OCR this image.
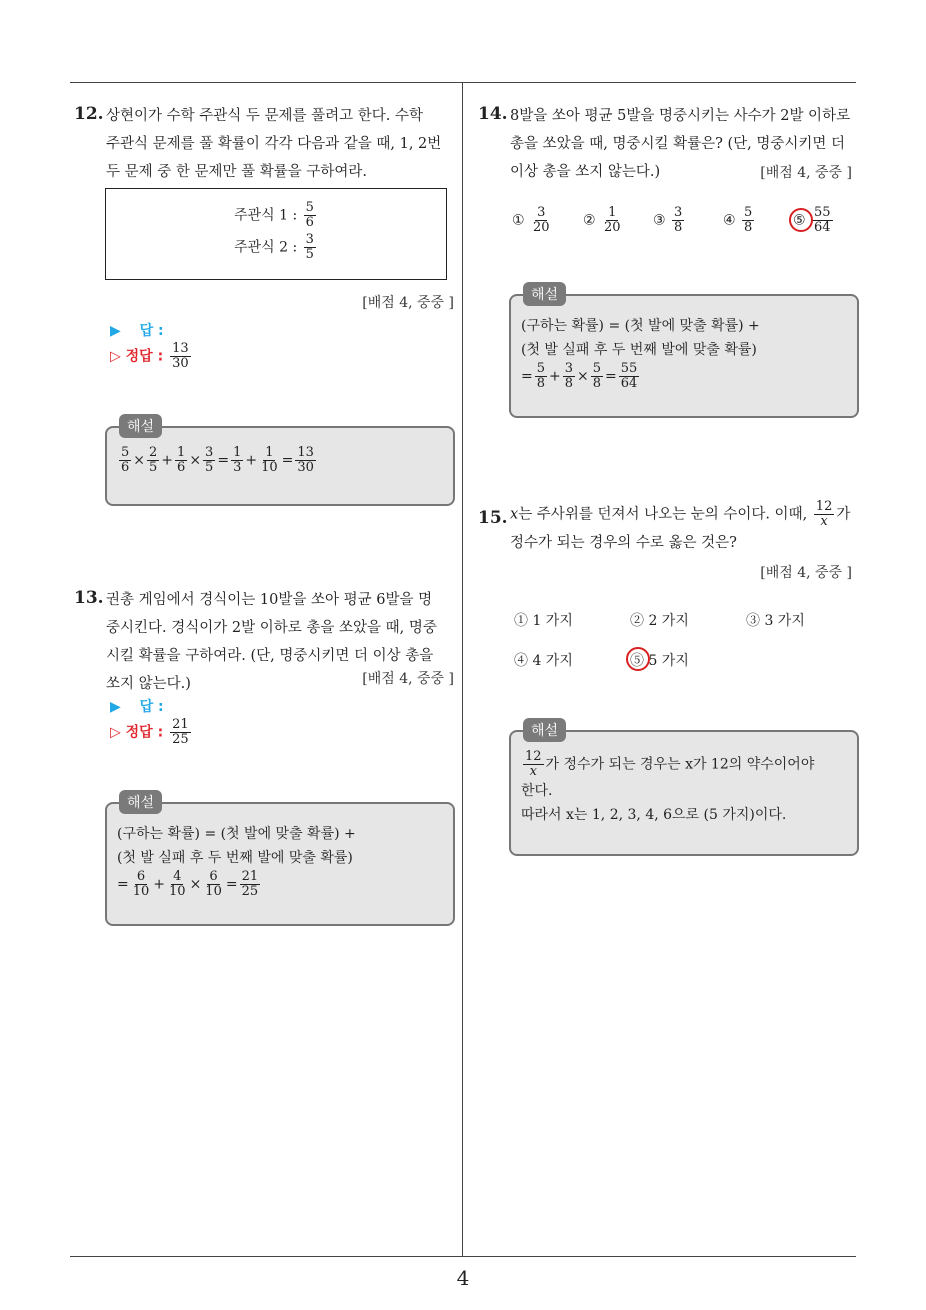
4
12. 상현이가 수학 주관식 두 문제를 풀려고 한다. 수학
주관식 문제를 풀 확률이 각각 다음과 같을 때, 1, 2번
두 문제 중 한 문제만 풀 확률을 구하여라.
주관식 1 : $\frac{5}{6}$
주관식 2 : $\frac{3}{5}$
[배점 4, 중중 ]
▶ 답 :
▷ 정답 : $\frac{13}{30}$
해설
$\frac{5}{6} \times \frac{2}{5} + \frac{1}{6} \times \frac{3}{5} = \frac{1}{3} + \frac{1}{10} = \frac{13}{30}$
13. 권총 게임에서 경식이는 10발을 쏘아 평균 6발을 명
중시킨다. 경식이가 2발 이하로 총을 쏘았을 때, 명중
시킬 확률을 구하여라. (단, 명중시키면 더 이상 총을
쏘지 않는다.)	[배점 4, 중중 ]
▶ 답 :
▷ 정답 : $\frac{21}{25}$
해설
(구하는 확률) = (첫 발에 맞출 확률) +
(첫 발 실패 후 두 번째 발에 맞출 확률)
= $\frac{6}{10} + \frac{4}{10} \times \frac{6}{10} = \frac{21}{25}$
14. 8발을 쏘아 평균 5발을 명중시키는 사수가 2발 이하로
총을 쏘았을 때, 명중시킬 확률은? (단, 명중시키면 더
이상 총을 쏘지 않는다.)	[배점 4, 중중 ]
① $\frac{3}{20}$ ② $\frac{1}{20}$ ③ $\frac{3}{8}$	④ $\frac{5}{8}$	⑤ $\frac{55}{64}$
해설
(구하는 확률) = (첫 발에 맞출 확률) +
(첫 발 실패 후 두 번째 발에 맞출 확률)
= $\frac{5}{8} + \frac{3}{8} \times \frac{5}{8} = \frac{55}{64}$
15. x는 주사위를 던져서 나오는 눈의 수이다. 이때, $\frac{12}{x}$ 가
정수가 되는 경우의 수로 옳은 것은?
[배점 4, 중중 ]
① 1 가지	② 2 가지	③ 3 가지
④ 4 가지	⑤ 5 가지
해설
$\frac{12}{x}$ 가 정수가 되는 경우는 x가 12의 약수이어야
한다.
따라서 x는 1, 2, 3, 4, 6으로 (5 가지)이다.
